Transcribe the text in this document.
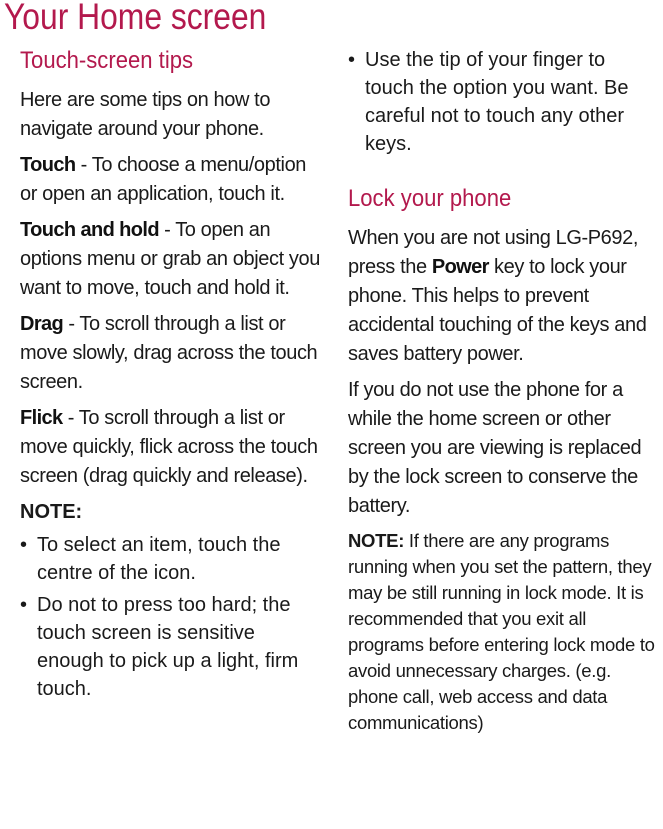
Your Home screen
Touch-screen tips

Here are some tips on how to navigate around your phone.

Touch - To choose a menu/option or open an application, touch it.

Touch and hold - To open an options menu or grab an object you want to move, touch and hold it.

Drag - To scroll through a list or move slowly, drag across the touch screen.

Flick - To scroll through a list or move quickly, flick across the touch screen (drag quickly and release).

NOTE:
• To select an item, touch the centre of the icon.
• Do not to press too hard; the touch screen is sensitive enough to pick up a light, firm touch.
• Use the tip of your finger to touch the option you want. Be careful not to touch any other keys.
Lock your phone

When you are not using LG-P692, press the Power key to lock your phone. This helps to prevent accidental touching of the keys and saves battery power.

If you do not use the phone for a while the home screen or other screen you are viewing is replaced by the lock screen to conserve the battery.

NOTE: If there are any programs running when you set the pattern, they may be still running in lock mode. It is recommended that you exit all programs before entering lock mode to avoid unnecessary charges. (e.g. phone call, web access and data communications)
